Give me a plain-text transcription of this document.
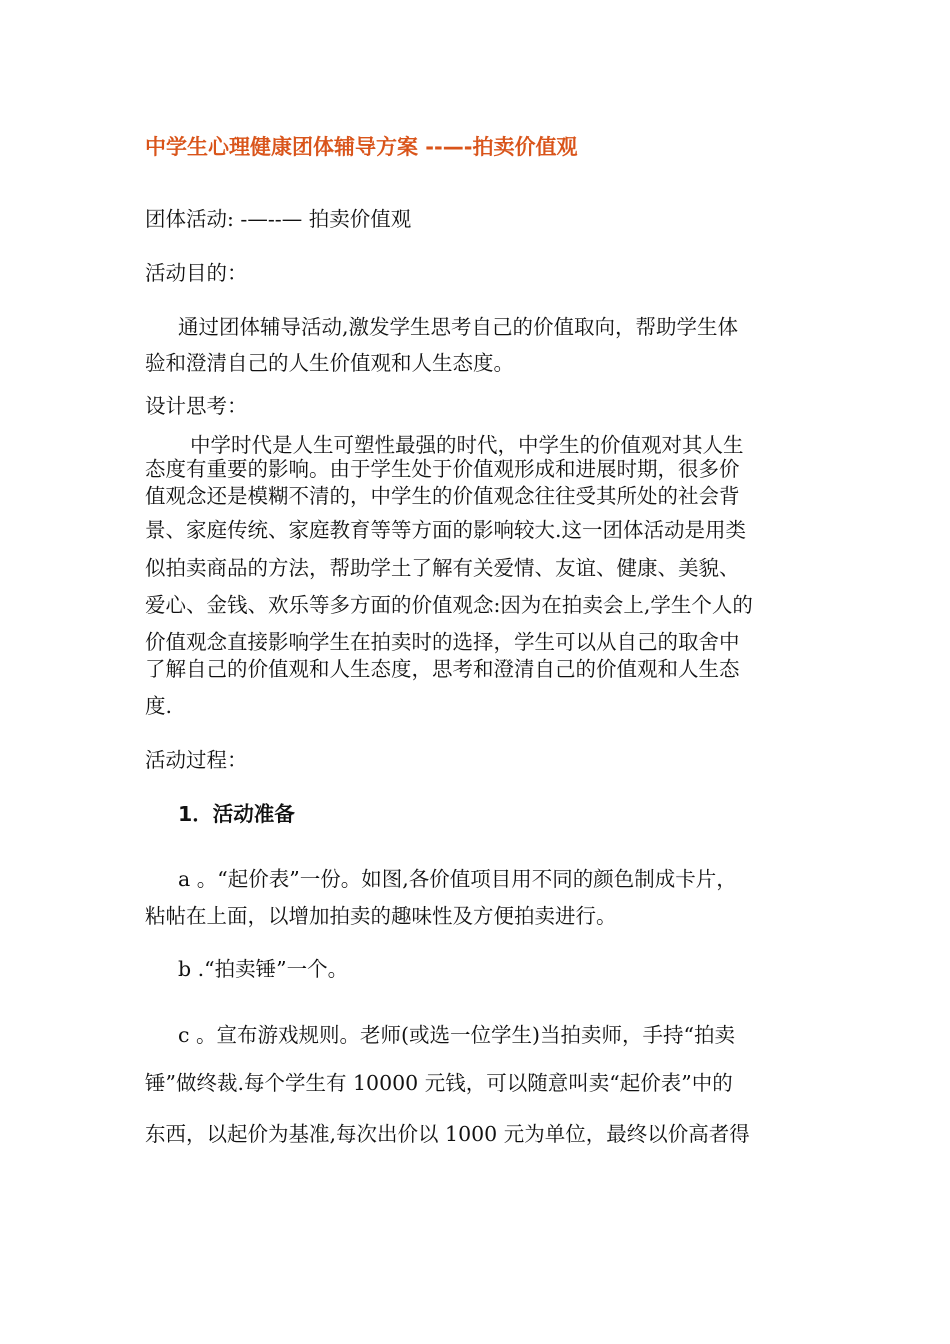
中学生心理健康团体辅导方案 --—-拍卖价值观
团体活动: -—--— 拍卖价值观
活动目的：
通过团体辅导活动,激发学生思考自己的价值取向，帮助学生体
验和澄清自己的人生价值观和人生态度。
设计思考：
中学时代是人生可塑性最强的时代，中学生的价值观对其人生
态度有重要的影响。由于学生处于价值观形成和进展时期，很多价
值观念还是模糊不清的，中学生的价值观念往往受其所处的社会背
景、家庭传统、家庭教育等等方面的影响较大.这一团体活动是用类
似拍卖商品的方法，帮助学土了解有关爱情、友谊、健康、美貌、
爱心、金钱、欢乐等多方面的价值观念:因为在拍卖会上,学生个人的
价值观念直接影响学生在拍卖时的选择，学生可以从自己的取舍中
了解自己的价值观和人生态度，思考和澄清自己的价值观和人生态
度.
活动过程：
1．活动准备
a 。“起价表”一份。如图,各价值项目用不同的颜色制成卡片，
粘帖在上面，以增加拍卖的趣味性及方便拍卖进行。
b .“拍卖锤”一个。
c 。宣布游戏规则。老师(或选一位学生)当拍卖师，手持“拍卖
锤”做终裁.每个学生有 10000 元钱，可以随意叫卖“起价表”中的
东西，以起价为基准,每次出价以 1000 元为单位，最终以价高者得
